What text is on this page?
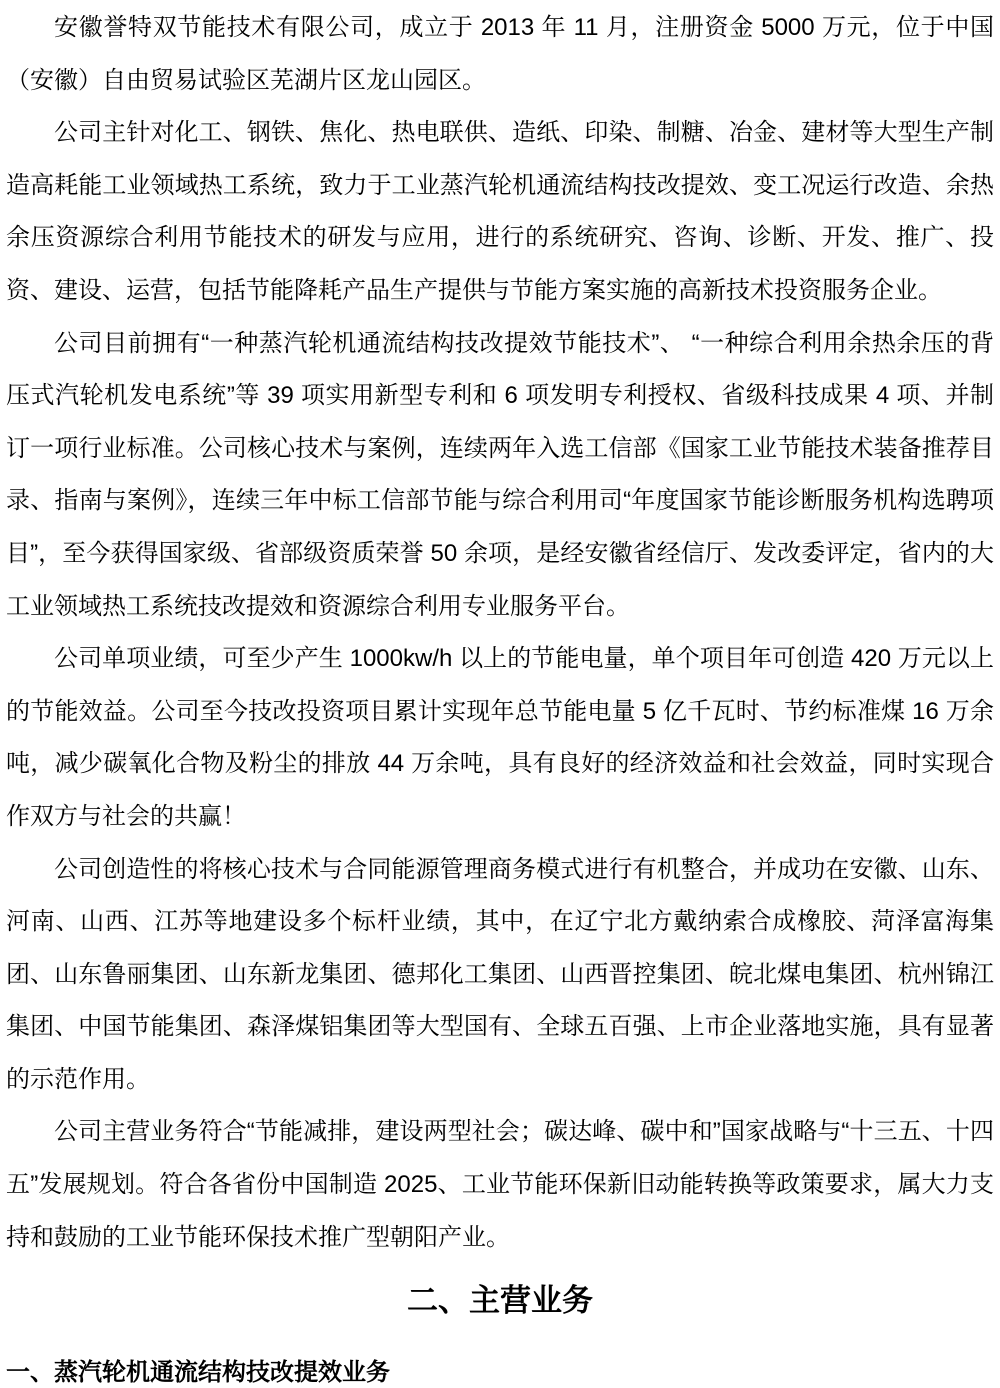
安徽誉特双节能技术有限公司，成立于 2013 年 11 月，注册资金 5000 万元，位于中国（安徽）自由贸易试验区芜湖片区龙山园区。

公司主针对化工、钢铁、焦化、热电联供、造纸、印染、制糖、冶金、建材等大型生产制造高耗能工业领域热工系统，致力于工业蒸汽轮机通流结构技改提效、变工况运行改造、余热余压资源综合利用节能技术的研发与应用，进行的系统研究、咨询、诊断、开发、推广、投资、建设、运营，包括节能降耗产品生产提供与节能方案实施的高新技术投资服务企业。

公司目前拥有“一种蒸汽轮机通流结构技改提效节能技术”、 “一种综合利用余热余压的背压式汽轮机发电系统”等 39 项实用新型专利和 6 项发明专利授权、省级科技成果 4 项、并制订一项行业标准。公司核心技术与案例，连续两年入选工信部《国家工业节能技术装备推荐目录、指南与案例》，连续三年中标工信部节能与综合利用司“年度国家节能诊断服务机构选聘项目”，至今获得国家级、省部级资质荣誉 50 余项，是经安徽省经信厅、发改委评定，省内的大工业领域热工系统技改提效和资源综合利用专业服务平台。

公司单项业绩，可至少产生 1000kw/h 以上的节能电量，单个项目年可创造 420 万元以上的节能效益。公司至今技改投资项目累计实现年总节能电量 5 亿千瓦时、节约标准煤 16 万余吨，减少碳氧化合物及粉尘的排放 44 万余吨，具有良好的经济效益和社会效益，同时实现合作双方与社会的共赢！

公司创造性的将核心技术与合同能源管理商务模式进行有机整合，并成功在安徽、山东、河南、山西、江苏等地建设多个标杆业绩，其中，在辽宁北方戴纳索合成橡胶、菏泽富海集团、山东鲁丽集团、山东新龙集团、德邦化工集团、山西晋控集团、皖北煤电集团、杭州锦江集团、中国节能集团、森泽煤铝集团等大型国有、全球五百强、上市企业落地实施，具有显著的示范作用。

公司主营业务符合“节能减排，建设两型社会；碳达峰、碳中和”国家战略与“十三五、十四五”发展规划。符合各省份中国制造 2025、工业节能环保新旧动能转换等政策要求，属大力支持和鼓励的工业节能环保技术推广型朝阳产业。

二、主营业务
一、蒸汽轮机通流结构技改提效业务
